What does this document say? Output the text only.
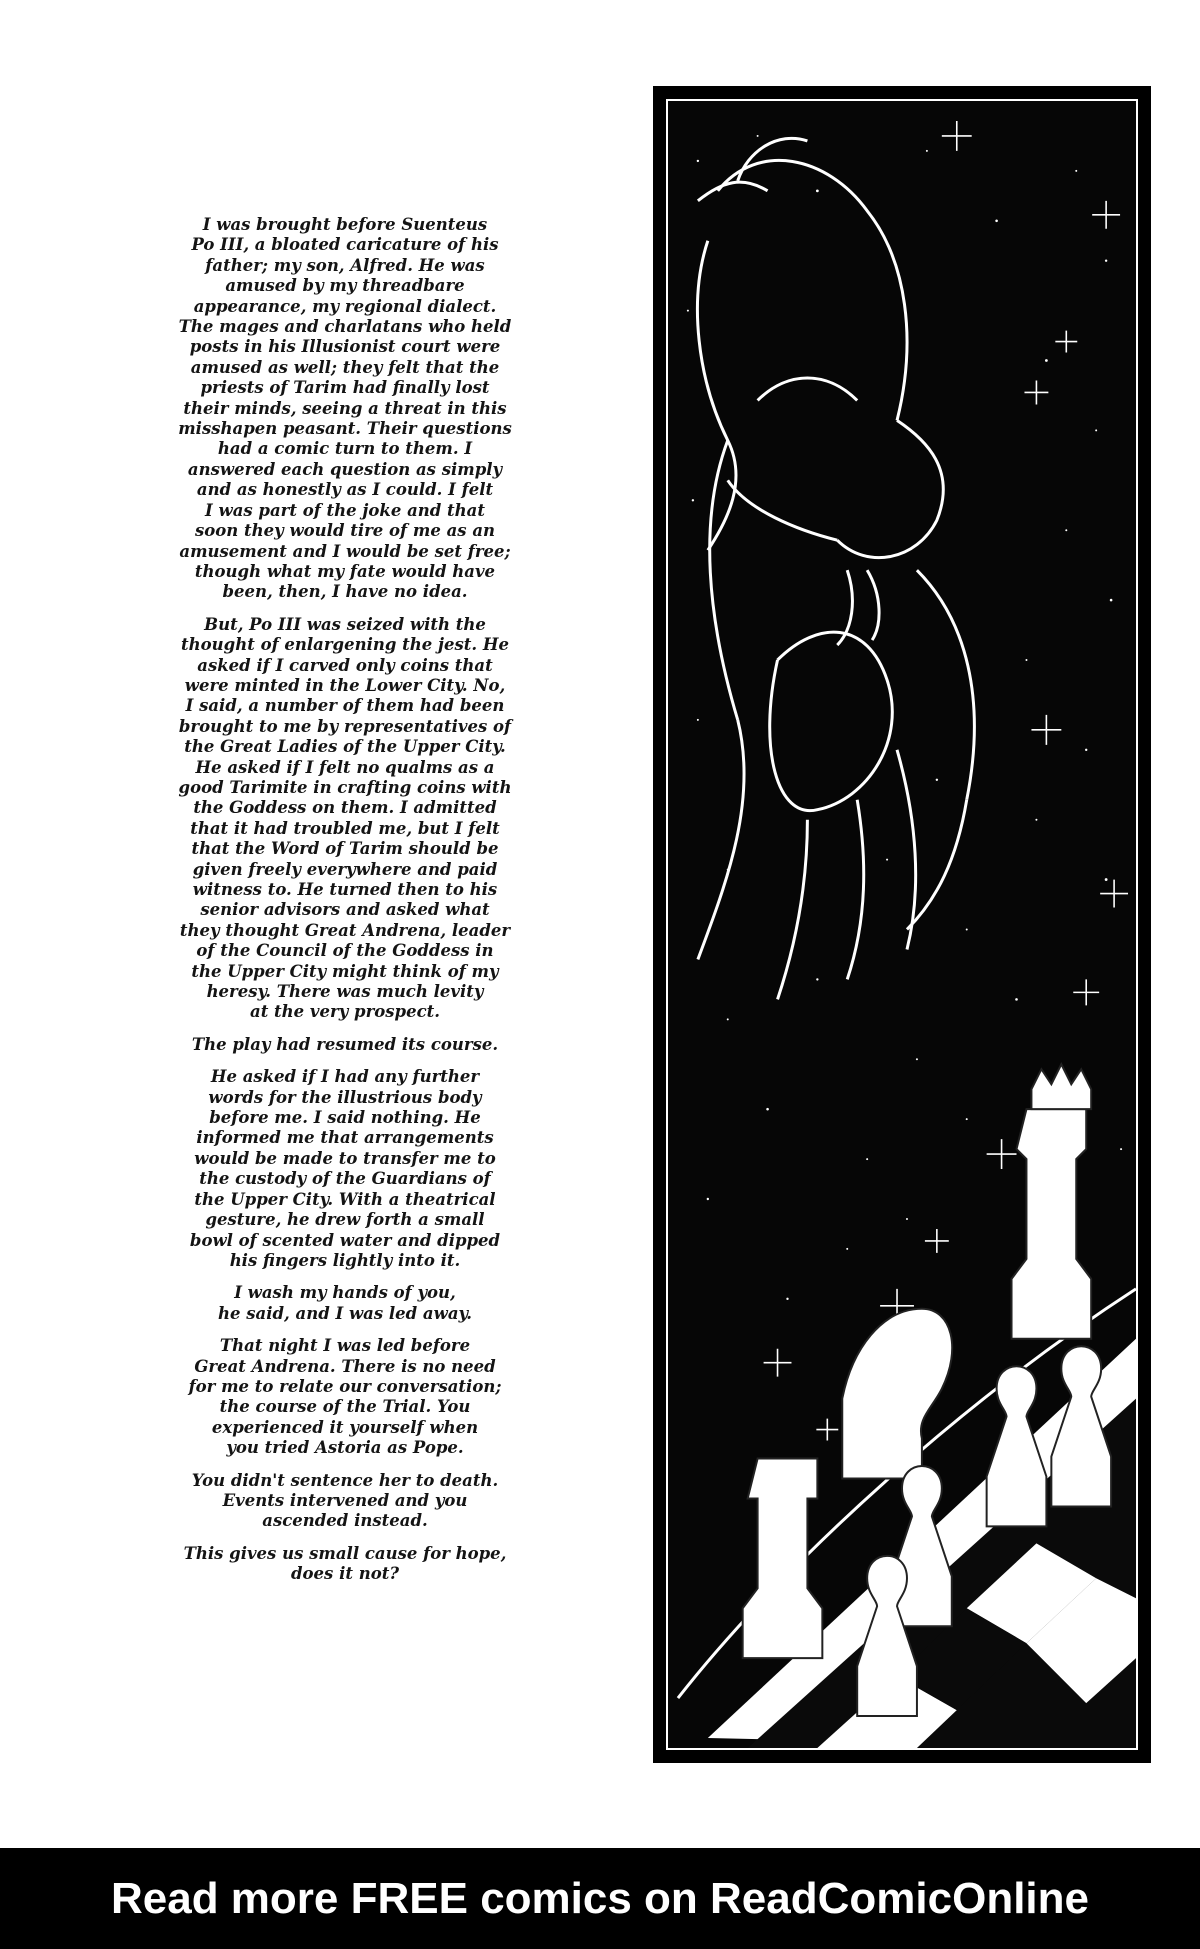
I was brought before Suenteus
Po III, a bloated caricature of his
father; my son, Alfred. He was
amused by my threadbare
appearance, my regional dialect.
The mages and charlatans who held
posts in his Illusionist court were
amused as well; they felt that the
priests of Tarim had finally lost
their minds, seeing a threat in this
misshapen peasant. Their questions
had a comic turn to them. I
answered each question as simply
and as honestly as I could. I felt
I was part of the joke and that
soon they would tire of me as an
amusement and I would be set free;
though what my fate would have
been, then, I have no idea.

But, Po III was seized with the
thought of enlargening the jest. He
asked if I carved only coins that
were minted in the Lower City. No,
I said, a number of them had been
brought to me by representatives of
the Great Ladies of the Upper City.
He asked if I felt no qualms as a
good Tarimite in crafting coins with
the Goddess on them. I admitted
that it had troubled me, but I felt
that the Word of Tarim should be
given freely everywhere and paid
witness to. He turned then to his
senior advisors and asked what
they thought Great Andrena, leader
of the Council of the Goddess in
the Upper City might think of my
heresy. There was much levity
at the very prospect.

The play had resumed its course.

He asked if I had any further
words for the illustrious body
before me. I said nothing. He
informed me that arrangements
would be made to transfer me to
the custody of the Guardians of
the Upper City. With a theatrical
gesture, he drew forth a small
bowl of scented water and dipped
his fingers lightly into it.

I wash my hands of you,
he said, and I was led away.

That night I was led before
Great Andrena. There is no need
for me to relate our conversation;
the course of the Trial. You
experienced it yourself when
you tried Astoria as Pope.

You didn't sentence her to death.
Events intervened and you
ascended instead.

This gives us small cause for hope,
does it not?

Read more FREE comics on ReadComicOnline
